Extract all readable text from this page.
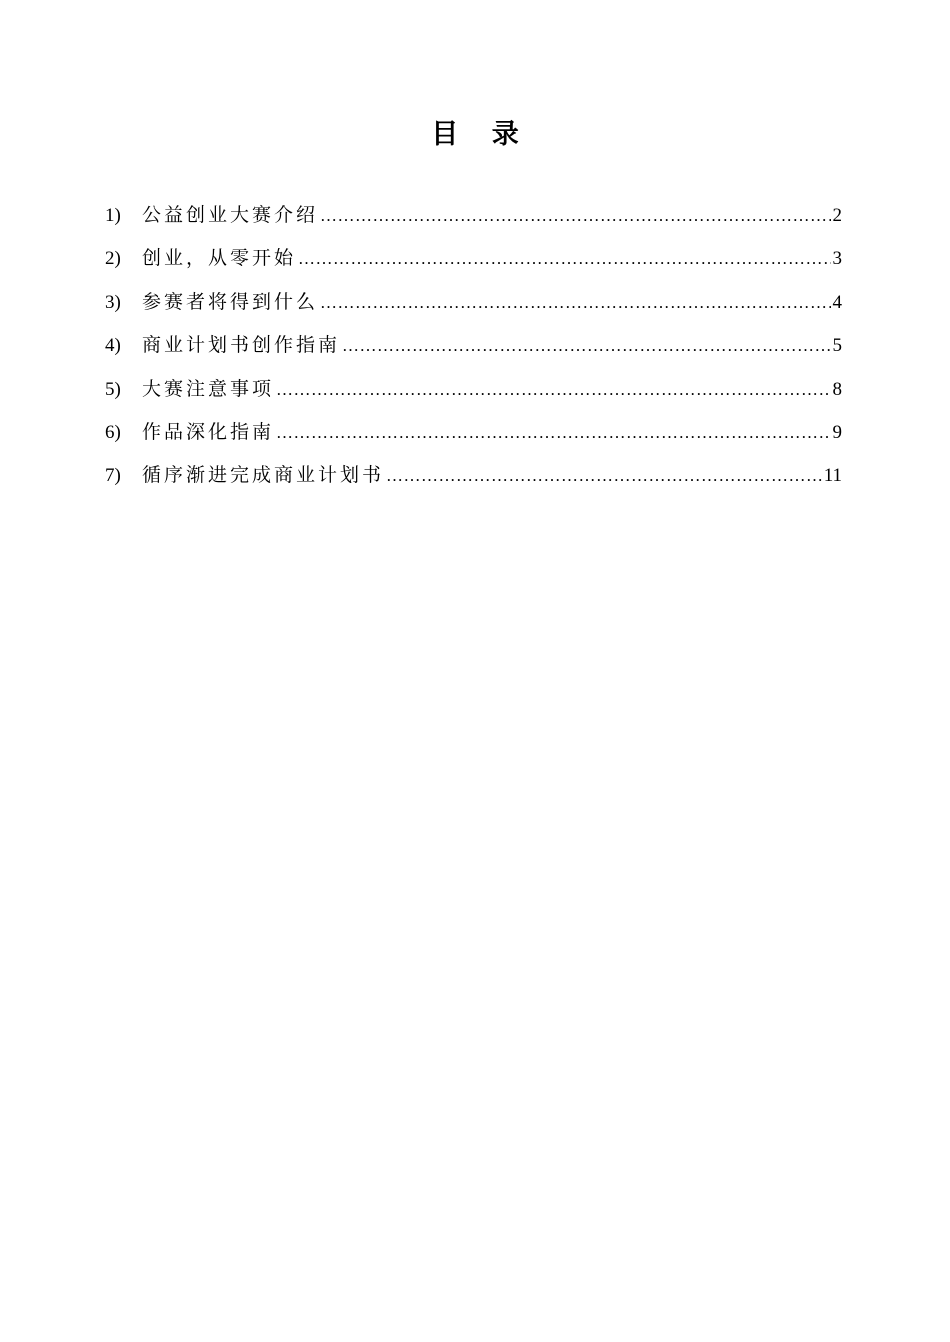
目 录
1)	公益创业大赛介绍 …………………………………………………………………………………………………………………………………………………………	2
2)	创业，从零开始 …………………………………………………………………………………………………………………………………………………………	3
3)	参赛者将得到什么 …………………………………………………………………………………………………………………………………………………………	4
4)	商业计划书创作指南 …………………………………………………………………………………………………………………………………………………………	5
5)	大赛注意事项 …………………………………………………………………………………………………………………………………………………………	8
6)	作品深化指南 …………………………………………………………………………………………………………………………………………………………	9
7)	循序渐进完成商业计划书 …………………………………………………………………………………………………………………………………………………………	11
